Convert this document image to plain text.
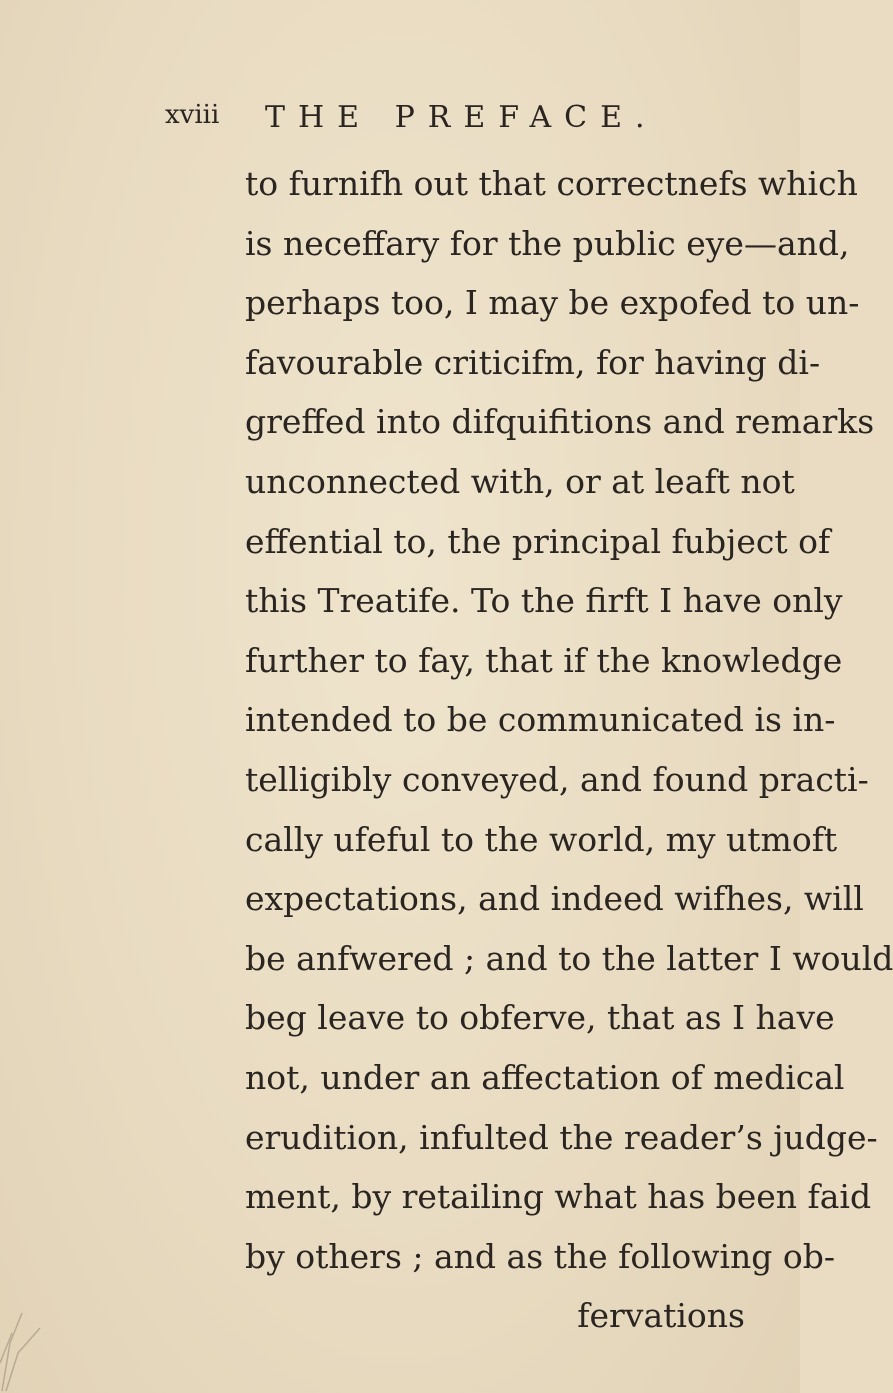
xviii THE PREFACE.
to furnifh out that correctnefs which
is neceffary for the public eye—and,
perhaps too, I may be expofed to un-
favourable criticifm, for having di-
greffed into difquifitions and remarks
unconnected with, or at leaft not
effential to, the principal fubject of
this Treatife. To the firft I have only
further to fay, that if the knowledge
intended to be communicated is in-
telligibly conveyed, and found practi-
cally ufeful to the world, my utmoft
expectations, and indeed wifhes, will
be anfwered ; and to the latter I would
beg leave to obferve, that as I have
not, under an affectation of medical
erudition, infulted the reader’s judge-
ment, by retailing what has been faid
by others ; and as the following ob-
fervations
